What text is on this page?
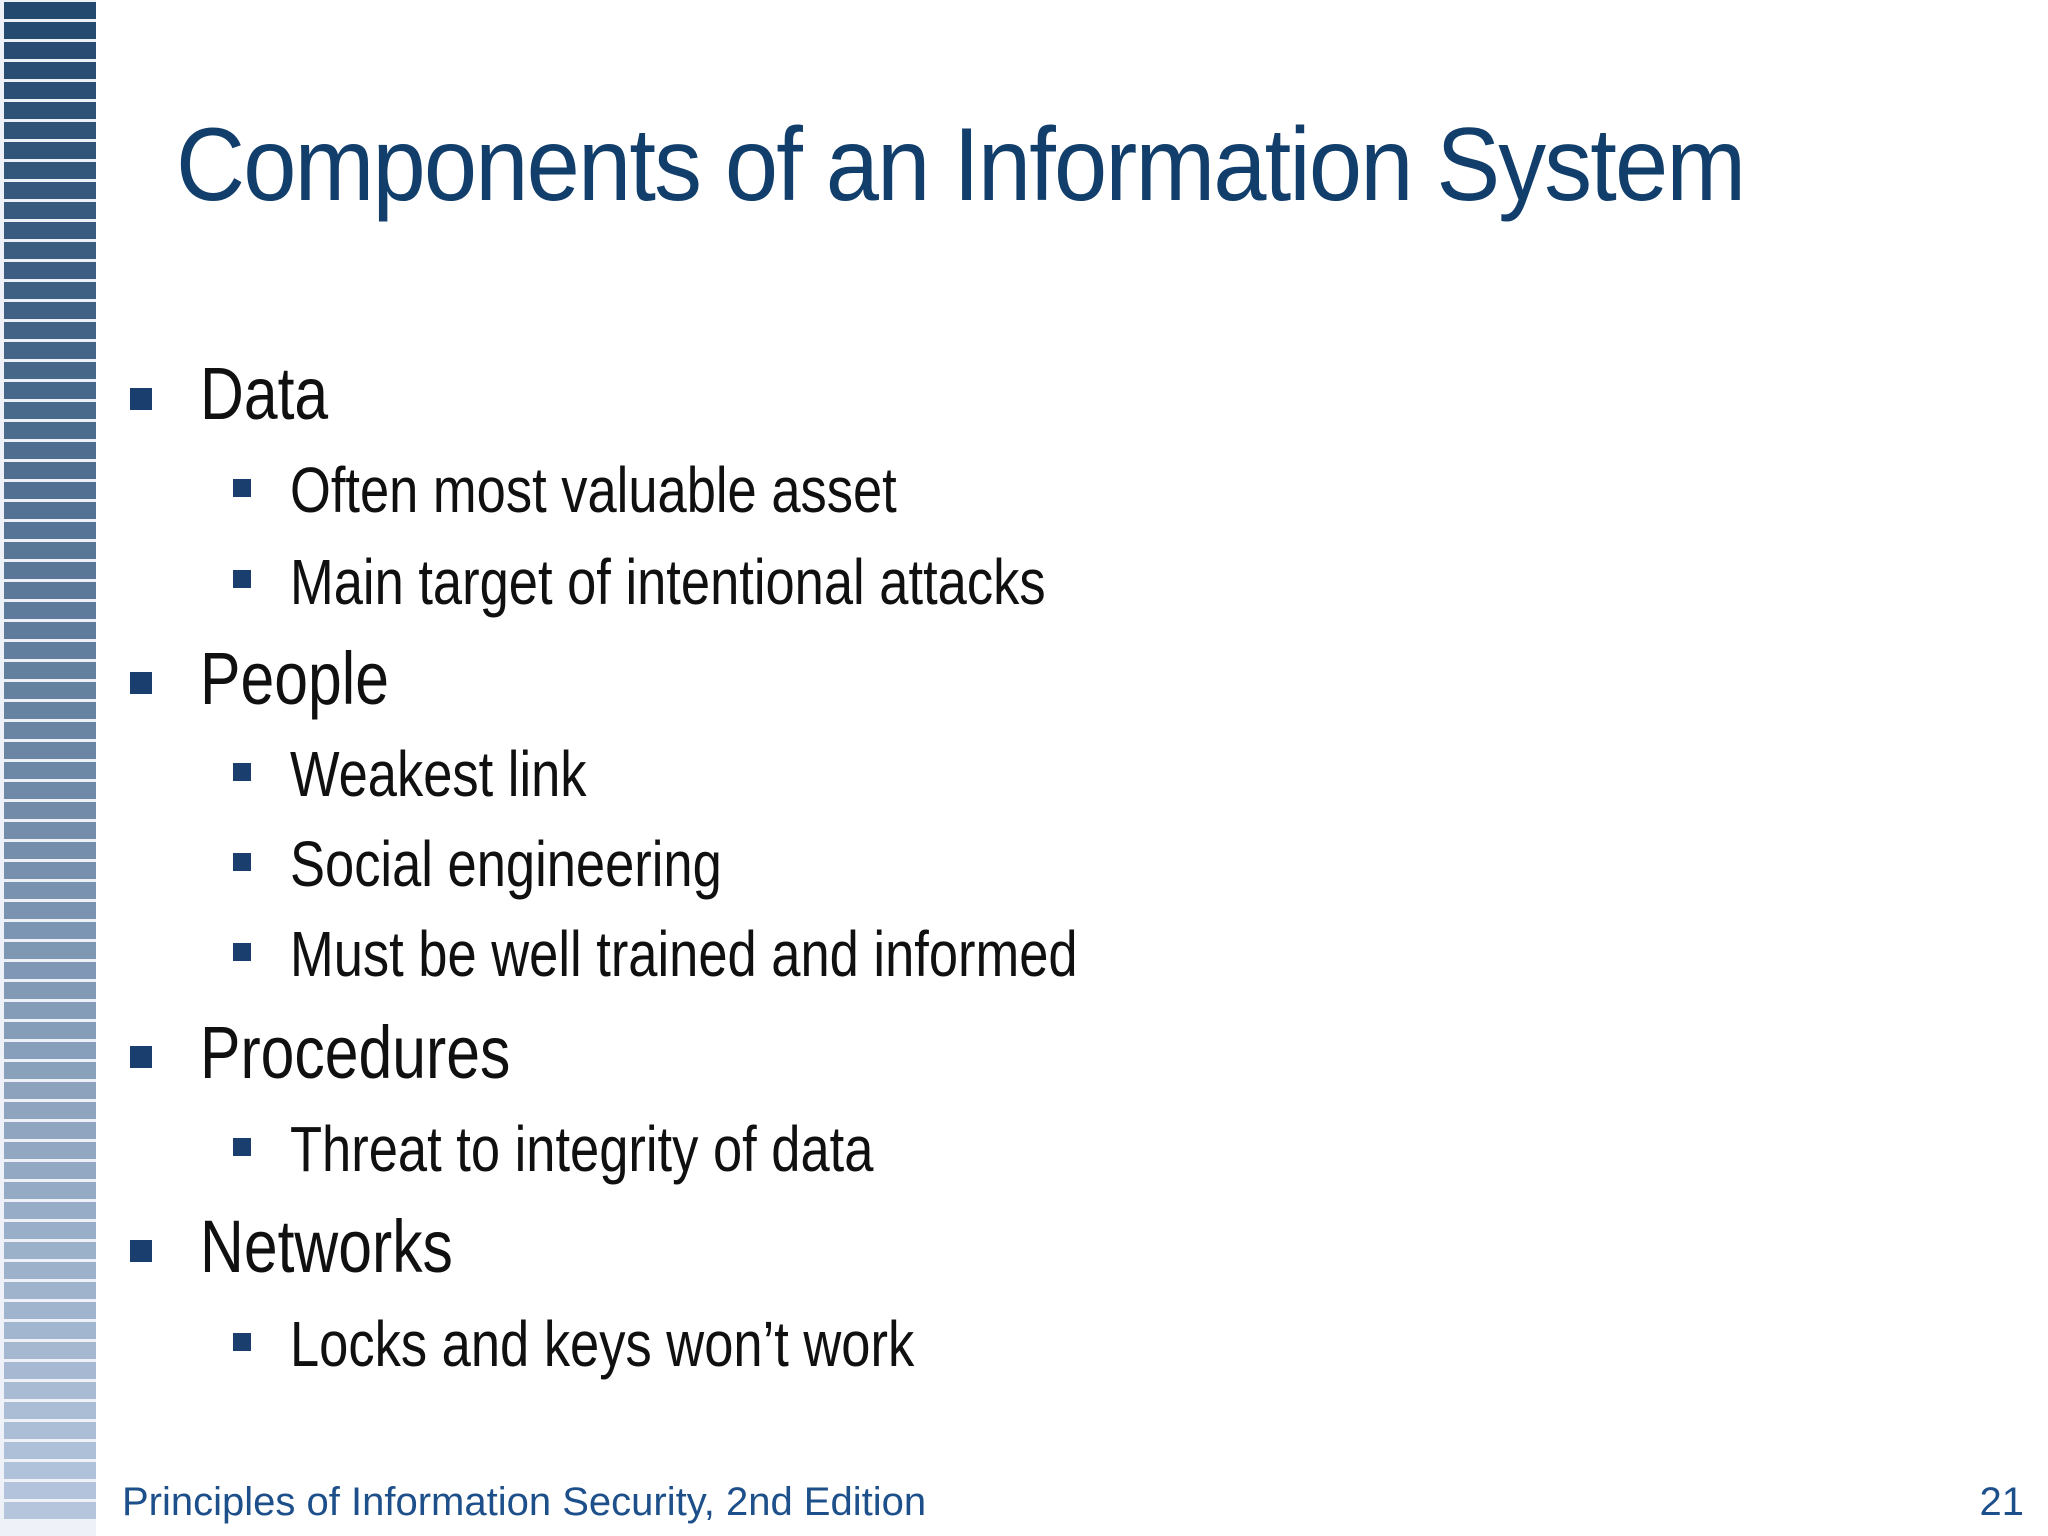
Components of an Information System
Data
Often most valuable asset
Main target of intentional attacks
People
Weakest link
Social engineering
Must be well trained and informed
Procedures
Threat to integrity of data
Networks
Locks and keys won’t work
Principles of Information Security, 2nd Edition	21
